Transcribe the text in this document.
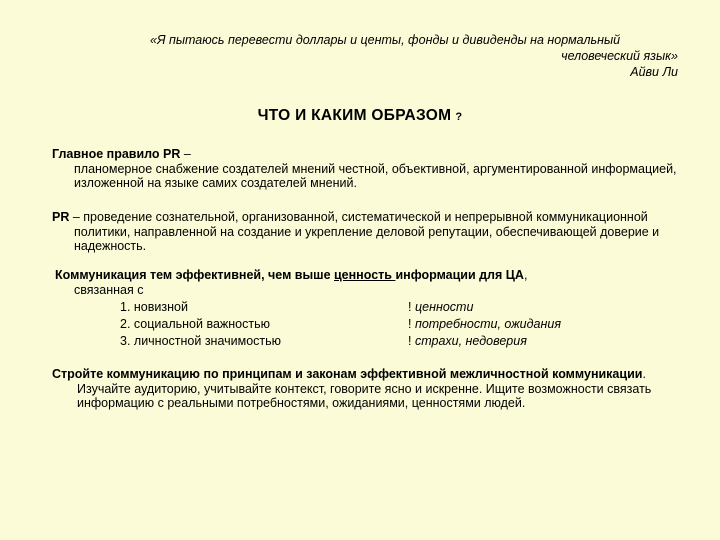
«Я пытаюсь перевести доллары и центы, фонды и дивиденды на нормальный
человеческий язык»
Айви Ли
ЧТО И КАКИМ ОБРАЗОМ ?
Главное правило PR –
планомерное снабжение создателей мнений честной, объективной, аргументированной информацией, изложенной на языке самих создателей мнений.
PR – проведение сознательной, организованной, систематической и непрерывной коммуникационной политики, направленной на создание и укрепление деловой репутации, обеспечивающей доверие и надежность.
Коммуникация тем эффективней, чем выше ценность информации для ЦА,
связанная с
1. новизной	! ценности
2. социальной важностью	! потребности, ожидания
3. личностной значимостью	! страхи, недоверия
Стройте коммуникацию по принципам и законам эффективной межличностной коммуникации. Изучайте аудиторию, учитывайте контекст, говорите ясно и искренне. Ищите возможности связать информацию с реальными потребностями, ожиданиями, ценностями людей.
